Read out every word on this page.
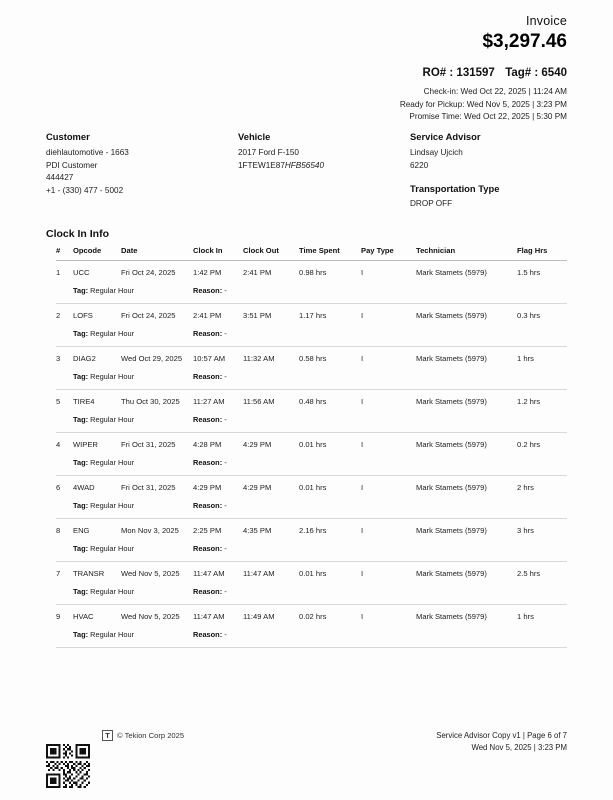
Invoice
$3,297.46
RO# : 131597 Tag# : 6540
Check-in: Wed Oct 22, 2025 | 11:24 AM
Ready for Pickup: Wed Nov 5, 2025 | 3:23 PM
Promise Time: Wed Oct 22, 2025 | 5:30 PM
Customer
diehlautomotive - 1663
PDI Customer
444427
+1 - (330) 477 - 5002
Vehicle
2017 Ford F-150
1FTEW1E87HFB56540
Service Advisor
Lindsay Ujcich
6220
Transportation Type
DROP OFF
Clock In Info
#	Opcode	Date	Clock In	Clock Out	Time Spent	Pay Type	Technician	Flag Hrs
1	UCC	Fri Oct 24, 2025	1:42 PM	2:41 PM	0.98 hrs	I	Mark Stamets (5979)	1.5 hrs
	Tag: Regular Hour		Reason: -					
2	LOFS	Fri Oct 24, 2025	2:41 PM	3:51 PM	1.17 hrs	I	Mark Stamets (5979)	0.3 hrs
	Tag: Regular Hour		Reason: -					
3	DIAG2	Wed Oct 29, 2025	10:57 AM	11:32 AM	0.58 hrs	I	Mark Stamets (5979)	1 hrs
	Tag: Regular Hour		Reason: -					
5	TIRE4	Thu Oct 30, 2025	11:27 AM	11:56 AM	0.48 hrs	I	Mark Stamets (5979)	1.2 hrs
	Tag: Regular Hour		Reason: -					
4	WIPER	Fri Oct 31, 2025	4:28 PM	4:29 PM	0.01 hrs	I	Mark Stamets (5979)	0.2 hrs
	Tag: Regular Hour		Reason: -					
6	4WAD	Fri Oct 31, 2025	4:29 PM	4:29 PM	0.01 hrs	I	Mark Stamets (5979)	2 hrs
	Tag: Regular Hour		Reason: -					
8	ENG	Mon Nov 3, 2025	2:25 PM	4:35 PM	2.16 hrs	I	Mark Stamets (5979)	3 hrs
	Tag: Regular Hour		Reason: -					
7	TRANSR	Wed Nov 5, 2025	11:47 AM	11:47 AM	0.01 hrs	I	Mark Stamets (5979)	2.5 hrs
	Tag: Regular Hour		Reason: -					
9	HVAC	Wed Nov 5, 2025	11:47 AM	11:49 AM	0.02 hrs	I	Mark Stamets (5979)	1 hrs
	Tag: Regular Hour		Reason: -					
T © Tekion Corp 2025	Service Advisor Copy v1 | Page 6 of 7
Wed Nov 5, 2025 | 3:23 PM
